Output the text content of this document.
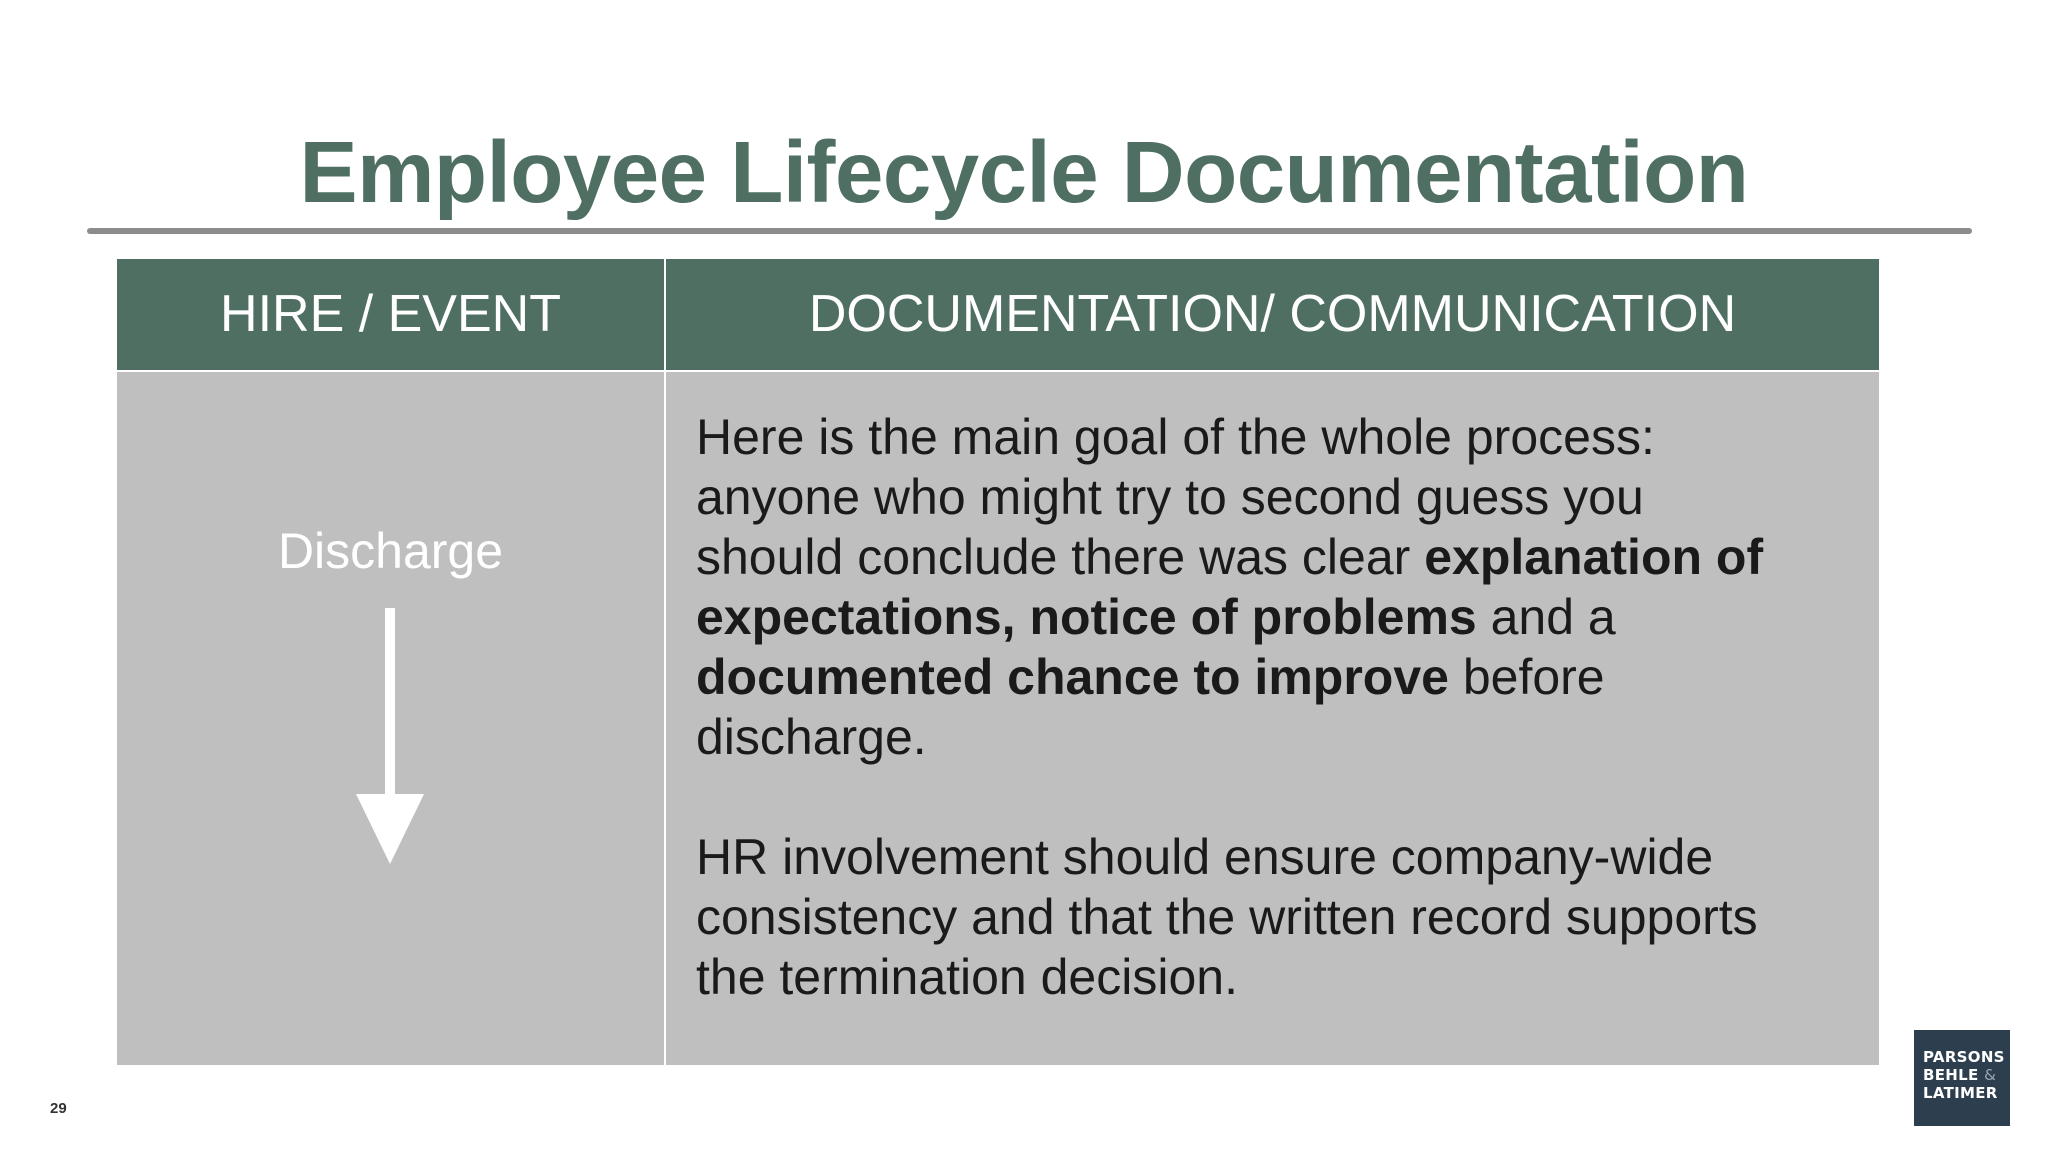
Employee Lifecycle Documentation
HIRE / EVENT	DOCUMENTATION/ COMMUNICATION
Discharge

Here is the main goal of the whole process:
anyone who might try to second guess you
should conclude there was clear explanation of
expectations, notice of problems and a
documented chance to improve before
discharge.

HR involvement should ensure company-wide
consistency and that the written record supports
the termination decision.

29
PARSONS
BEHLE &
LATIMER
